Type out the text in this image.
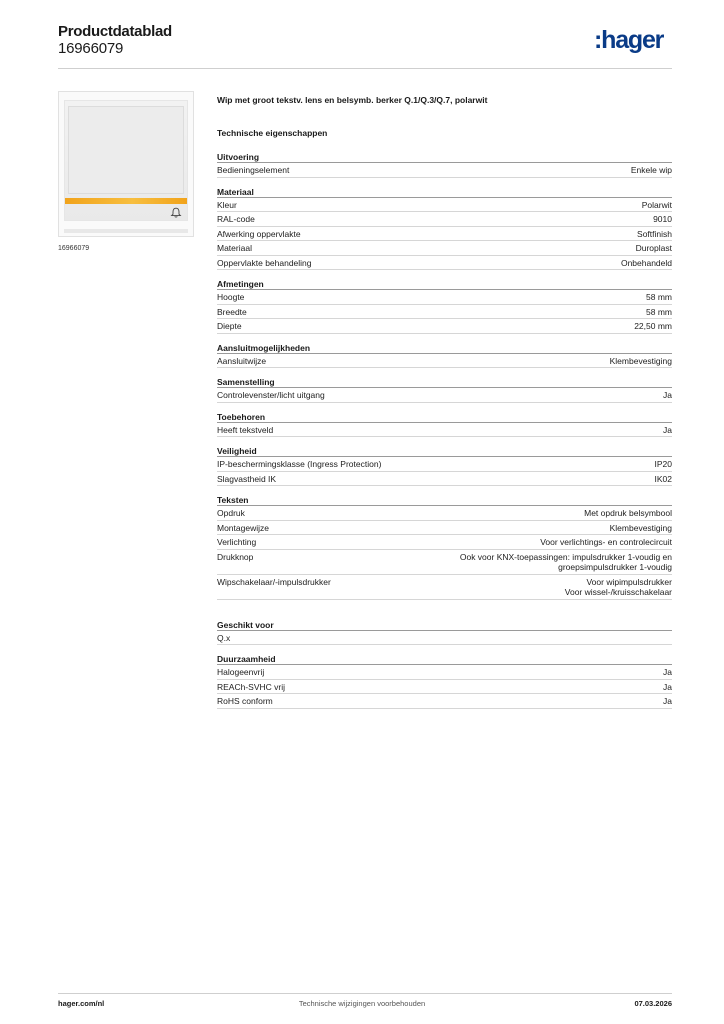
Productdatablad
16966079	:hager
16966079
Wip met groot tekstv. lens en belsymb. berker Q.1/Q.3/Q.7, polarwit
Technische eigenschappen
Uitvoering
Bedieningselement	Enkele wip
Materiaal
Kleur	Polarwit
RAL-code	9010
Afwerking oppervlakte	Softfinish
Materiaal	Duroplast
Oppervlakte behandeling	Onbehandeld
Afmetingen
Hoogte	58 mm
Breedte	58 mm
Diepte	22,50 mm
Aansluitmogelijkheden
Aansluitwijze	Klembevestiging
Samenstelling
Controlevenster/licht uitgang	Ja
Toebehoren
Heeft tekstveld	Ja
Veiligheid
IP-beschermingsklasse (Ingress Protection)	IP20
Slagvastheid IK	IK02
Teksten
Opdruk	Met opdruk belsymbool
Montagewijze	Klembevestiging
Verlichting	Voor verlichtings- en controlecircuit
Drukknop	Ook voor KNX-toepassingen: impulsdrukker 1-voudig en
groepsimpulsdrukker 1-voudig
Wipschakelaar/-impulsdrukker	Voor wipimpulsdrukker
Voor wissel-/kruisschakelaar
Geschikt voor
Q.x
Duurzaamheid
Halogeenvrij	Ja
REACh-SVHC vrij	Ja
RoHS conform	Ja
hager.com/nl	Technische wijzigingen voorbehouden	07.03.2026
